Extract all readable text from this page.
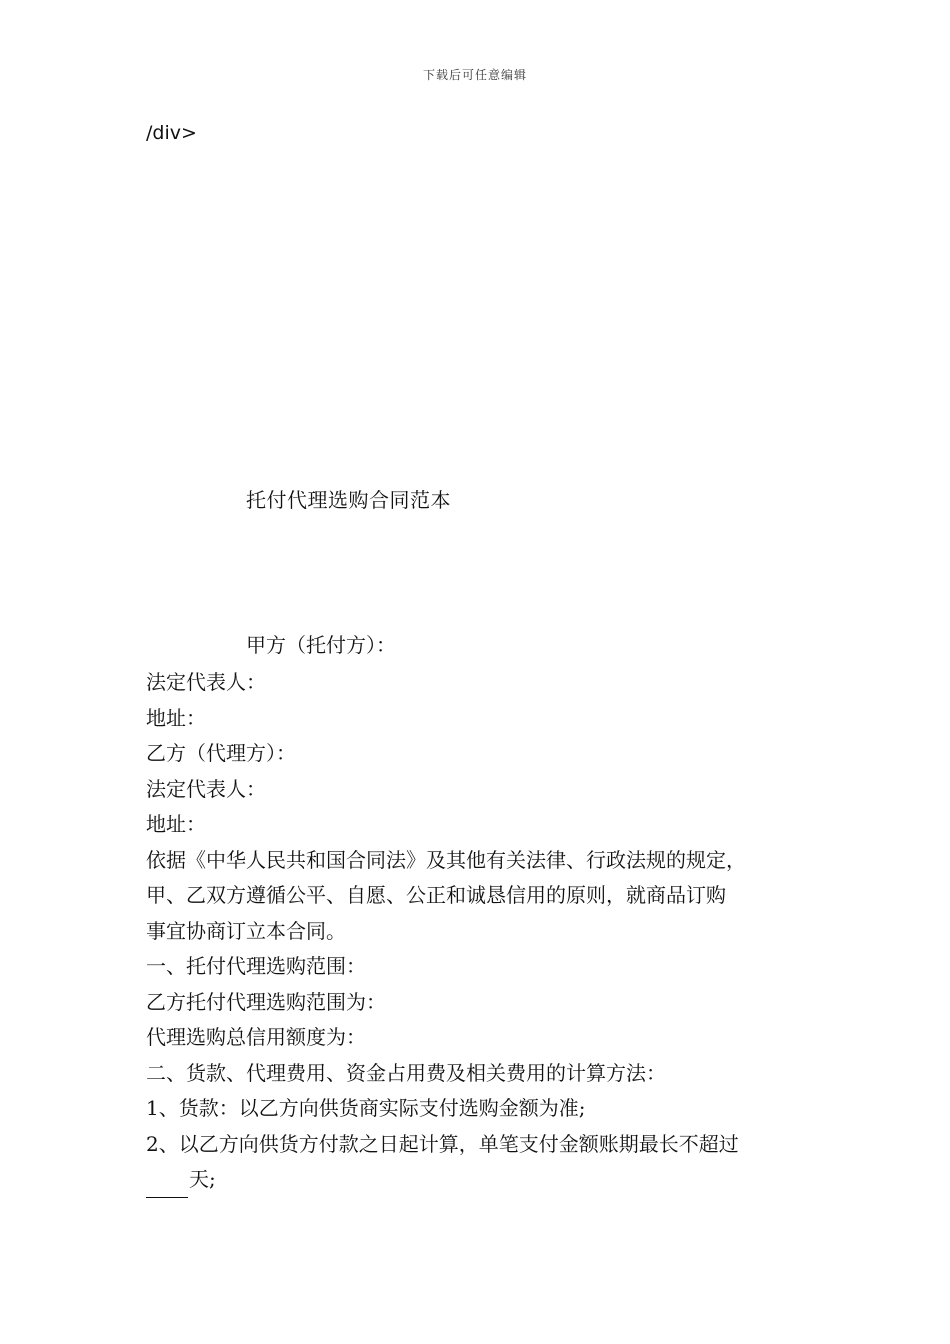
下载后可任意编辑
/div>
托付代理选购合同范本
甲方（托付方）：
法定代表人：
地址：
乙方（代理方）：
法定代表人：
地址：
依据《中华人民共和国合同法》及其他有关法律、行政法规的规定，
甲、乙双方遵循公平、自愿、公正和诚恳信用的原则，就商品订购
事宜协商订立本合同。
一、托付代理选购范围：
乙方托付代理选购范围为：
代理选购总信用额度为：
二、货款、代理费用、资金占用费及相关费用的计算方法：
1、货款：以乙方向供货商实际支付选购金额为准;
2、以乙方向供货方付款之日起计算，单笔支付金额账期最长不超过
天;
